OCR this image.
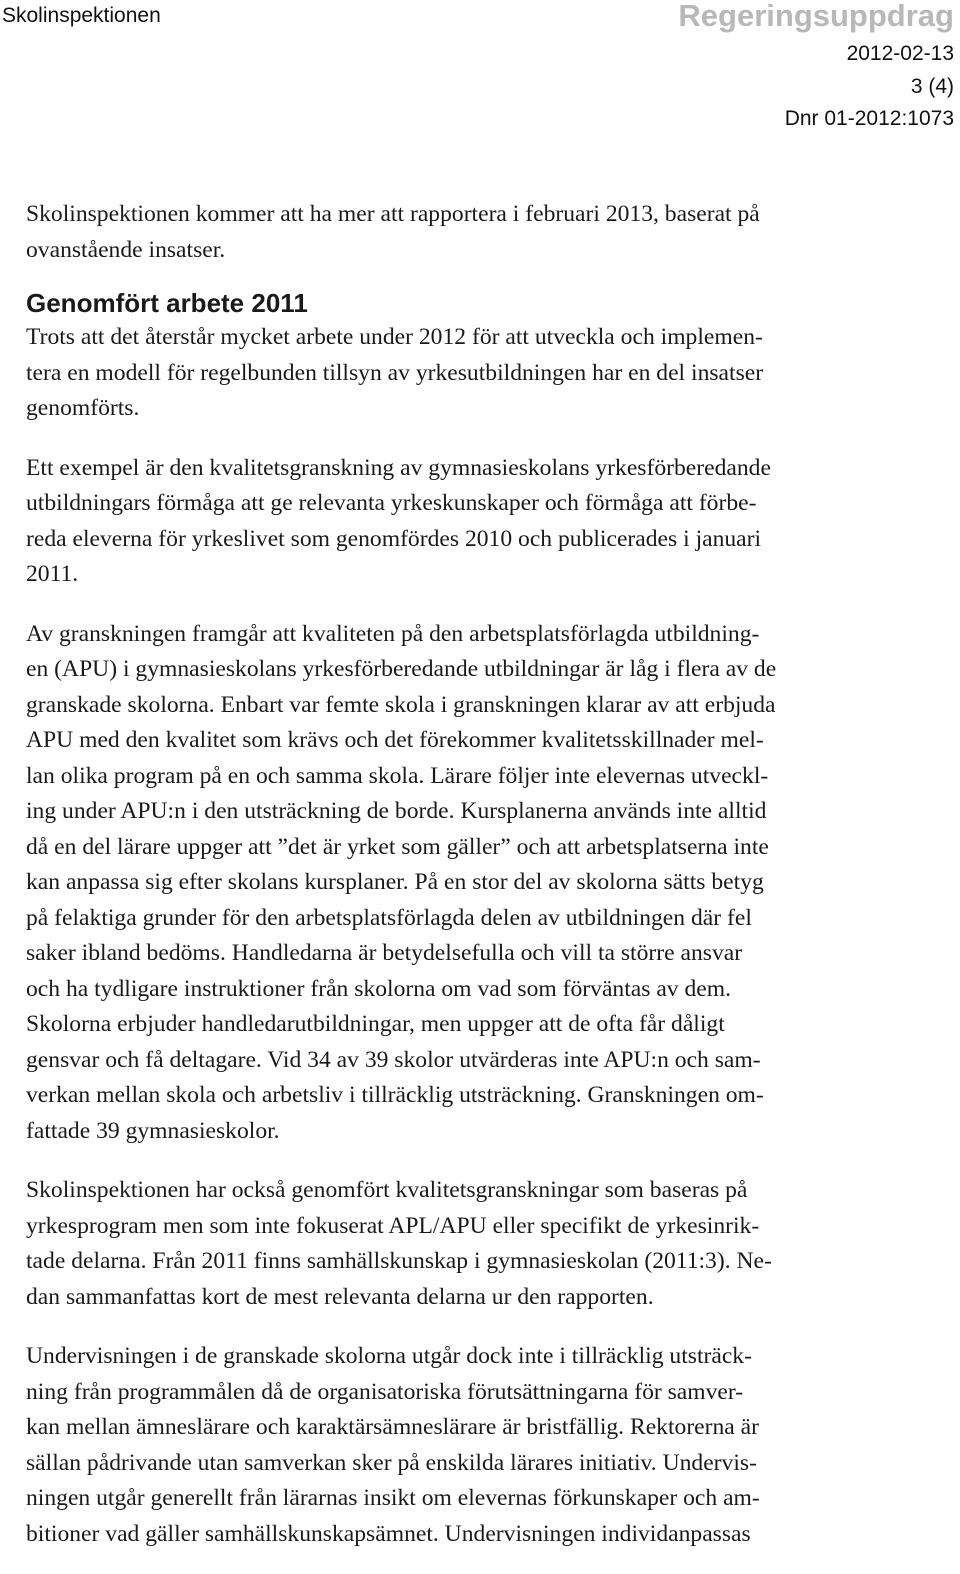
Skolinspektionen	Regeringsuppdrag
2012-02-13
3 (4)
Dnr 01-2012:1073

Skolinspektionen kommer att ha mer att rapportera i februari 2013, baserat på
ovanstående insatser.

Genomfört arbete 2011

Trots att det återstår mycket arbete under 2012 för att utveckla och implemen-
tera en modell för regelbunden tillsyn av yrkesutbildningen har en del insatser
genomförts.

Ett exempel är den kvalitetsgranskning av gymnasieskolans yrkesförberedande
utbildningars förmåga att ge relevanta yrkeskunskaper och förmåga att förbe-
reda eleverna för yrkeslivet som genomfördes 2010 och publicerades i januari
2011.

Av granskningen framgår att kvaliteten på den arbetsplatsförlagda utbildning-
en (APU) i gymnasieskolans yrkesförberedande utbildningar är låg i flera av de
granskade skolorna. Enbart var femte skola i granskningen klarar av att erbjuda
APU med den kvalitet som krävs och det förekommer kvalitetsskillnader mel-
lan olika program på en och samma skola. Lärare följer inte elevernas utveckl-
ing under APU:n i den utsträckning de borde. Kursplanerna används inte alltid
då en del lärare uppger att ”det är yrket som gäller” och att arbetsplatserna inte
kan anpassa sig efter skolans kursplaner. På en stor del av skolorna sätts betyg
på felaktiga grunder för den arbetsplatsförlagda delen av utbildningen där fel
saker ibland bedöms. Handledarna är betydelsefulla och vill ta större ansvar
och ha tydligare instruktioner från skolorna om vad som förväntas av dem.
Skolorna erbjuder handledarutbildningar, men uppger att de ofta får dåligt
gensvar och få deltagare. Vid 34 av 39 skolor utvärderas inte APU:n och sam-
verkan mellan skola och arbetsliv i tillräcklig utsträckning. Granskningen om-
fattade 39 gymnasieskolor.

Skolinspektionen har också genomfört kvalitetsgranskningar som baseras på
yrkesprogram men som inte fokuserat APL/APU eller specifikt de yrkesinrik-
tade delarna. Från 2011 finns samhällskunskap i gymnasieskolan (2011:3). Ne-
dan sammanfattas kort de mest relevanta delarna ur den rapporten.

Undervisningen i de granskade skolorna utgår dock inte i tillräcklig utsträck-
ning från programmålen då de organisatoriska förutsättningarna för samver-
kan mellan ämneslärare och karaktärsämneslärare är bristfällig. Rektorerna är
sällan pådrivande utan samverkan sker på enskilda lärares initiativ. Undervis-
ningen utgår generellt från lärarnas insikt om elevernas förkunskaper och am-
bitioner vad gäller samhällskunskapsämnet. Undervisningen individanpassas
